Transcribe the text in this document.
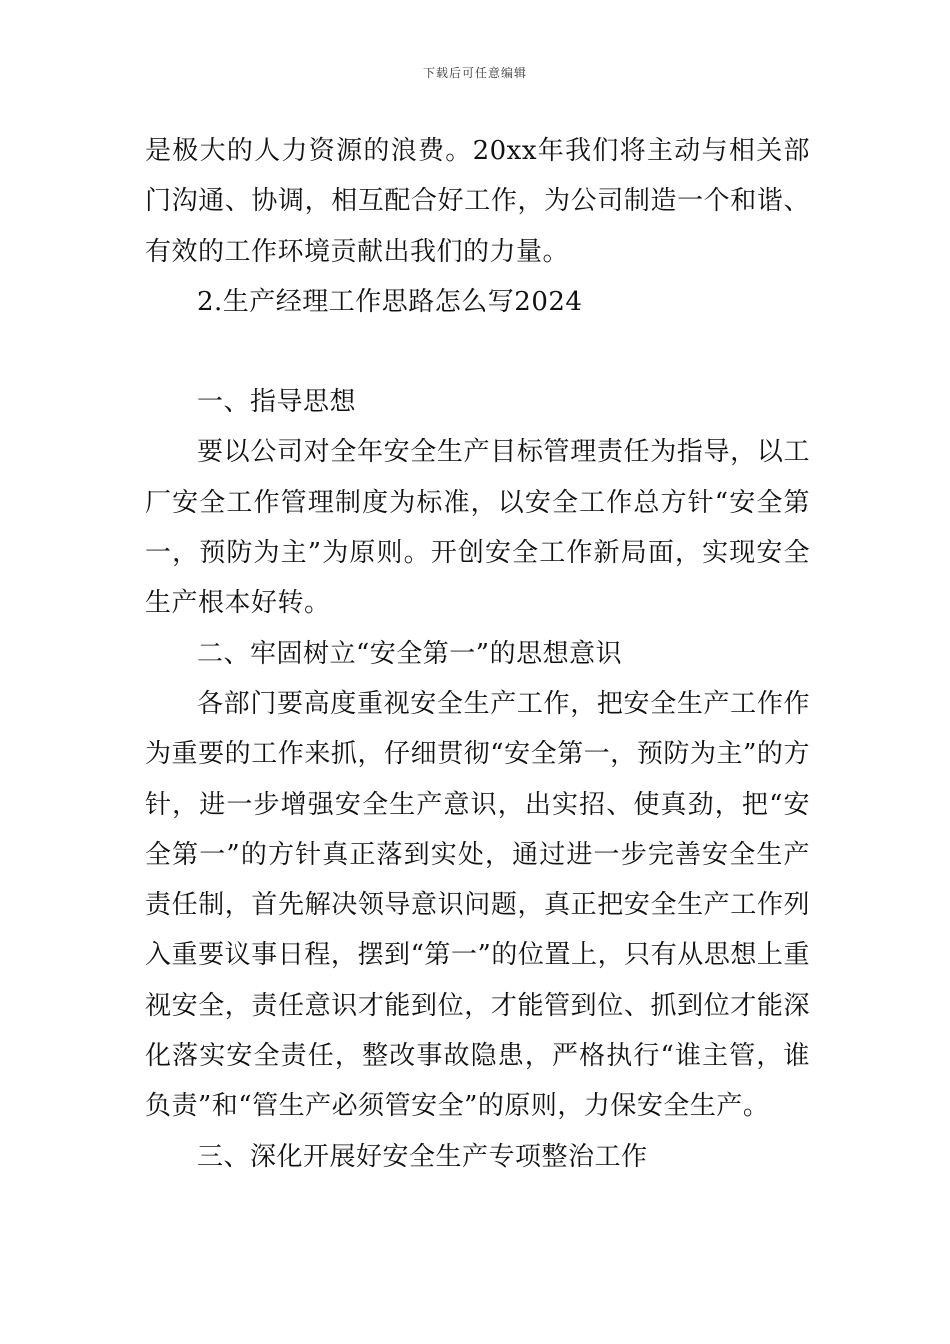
下载后可任意编辑

是极大的人力资源的浪费。20xx年我们将主动与相关部门沟通、协调，相互配合好工作，为公司制造一个和谐、有效的工作环境贡献出我们的力量。

2.生产经理工作思路怎么写2024

一、指导思想

要以公司对全年安全生产目标管理责任为指导，以工厂安全工作管理制度为标准，以安全工作总方针“安全第一，预防为主”为原则。开创安全工作新局面，实现安全生产根本好转。

二、牢固树立“安全第一”的思想意识

各部门要高度重视安全生产工作，把安全生产工作作为重要的工作来抓，仔细贯彻“安全第一，预防为主”的方针，进一步增强安全生产意识，出实招、使真劲，把“安全第一”的方针真正落到实处，通过进一步完善安全生产责任制，首先解决领导意识问题，真正把安全生产工作列入重要议事日程，摆到“第一”的位置上，只有从思想上重视安全，责任意识才能到位，才能管到位、抓到位才能深化落实安全责任，整改事故隐患，严格执行“谁主管，谁负责”和“管生产必须管安全”的原则，力保安全生产。

三、深化开展好安全生产专项整治工作
